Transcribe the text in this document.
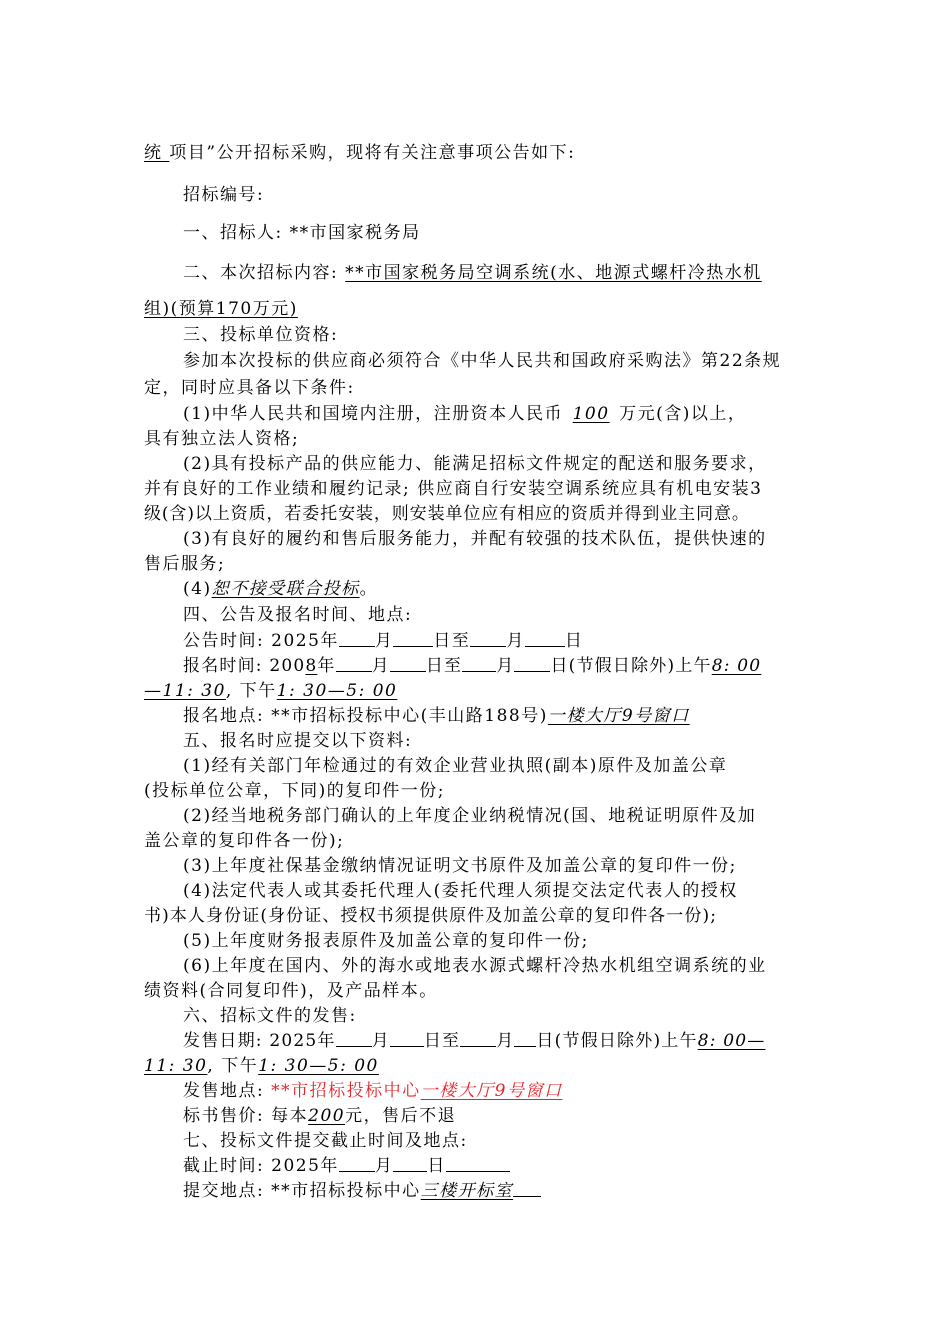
统 项目”公开招标采购，现将有关注意事项公告如下:
招标编号:
一、招标人: **市国家税务局
二、本次招标内容: **市国家税务局空调系统(水、地源式螺杆冷热水机
组)(预算170万元)
三、投标单位资格:
参加本次投标的供应商必须符合《中华人民共和国政府采购法》第22条规
定，同时应具备以下条件:
(1)中华人民共和国境内注册，注册资本人民币 100 万元(含)以上，
具有独立法人资格;
(2)具有投标产品的供应能力、能满足招标文件规定的配送和服务要求，
并有良好的工作业绩和履约记录; 供应商自行安装空调系统应具有机电安装3
级(含)以上资质，若委托安装，则安装单位应有相应的资质并得到业主同意。
(3)有良好的履约和售后服务能力，并配有较强的技术队伍，提供快速的
售后服务;
(4)恕不接受联合投标。
四、公告及报名时间、地点:
公告时间: 2025年 月 日至 月 日
报名时间: 2008年 月 日至 月 日(节假日除外)上午8: 00
—11: 30, 下午1: 30—5: 00
报名地点: **市招标投标中心(丰山路188号)一楼大厅9号窗口
五、报名时应提交以下资料:
(1)经有关部门年检通过的有效企业营业执照(副本)原件及加盖公章
(投标单位公章，下同)的复印件一份;
(2)经当地税务部门确认的上年度企业纳税情况(国、地税证明原件及加
盖公章的复印件各一份);
(3)上年度社保基金缴纳情况证明文书原件及加盖公章的复印件一份;
(4)法定代表人或其委托代理人(委托代理人须提交法定代表人的授权
书)本人身份证(身份证、授权书须提供原件及加盖公章的复印件各一份);
(5)上年度财务报表原件及加盖公章的复印件一份;
(6)上年度在国内、外的海水或地表水源式螺杆冷热水机组空调系统的业
绩资料(合同复印件)，及产品样本。
六、招标文件的发售:
发售日期: 2025年 月 日至 月 日(节假日除外)上午8: 00—
11: 30, 下午1: 30—5: 00
发售地点: **市招标投标中心一楼大厅9号窗口
标书售价: 每本200元，售后不退
七、投标文件提交截止时间及地点:
截止时间: 2025年 月 日
提交地点: **市招标投标中心三楼开标室
